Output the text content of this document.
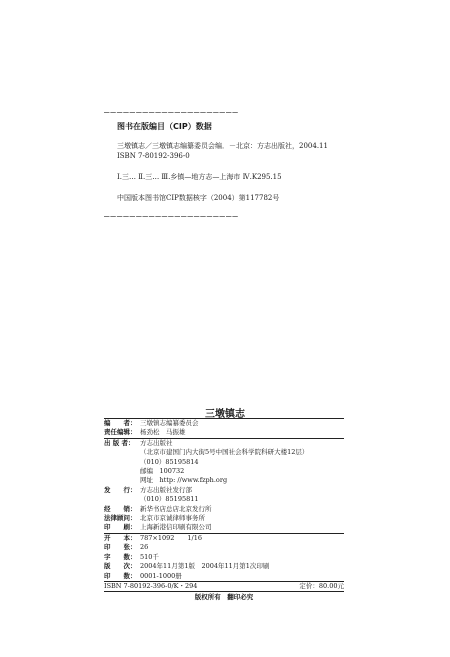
—————————————————————
图书在版编目（CIP）数据
三墩镇志／三墩镇志编纂委员会编．－北京：方志出版社，2004.11
ISBN 7-80192-396-0
Ⅰ.三… Ⅱ.三… Ⅲ.乡镇—地方志—上海市 Ⅳ.K295.15
中国版本图书馆CIP数据核字（2004）第117782号
—————————————————————
三墩镇志
编　　者： 三墩镇志编纂委员会
责任编辑： 杨劲松　马振雄
出 版 者： 方志出版社
（北京市建国门内大街5号中国社会科学院科研大楼12层）
（010）85195814
邮编　100732
网址　http: //www.fzph.org
发　　行： 方志出版社发行部
（010）85195811
经　　销： 新华书店总店北京发行所
法律顾问： 北京市京诚律师事务所
印　　刷： 上海新港信印刷有限公司
开　　本： 787×1092　　1/16
印　　张： 26
字　　数： 510千
版　　次： 2004年11月第1版　2004年11月第1次印刷
印　　数： 0001-1000册
ISBN 7-80192-396-0/K・294	定价：80.00元
版权所有　翻印必究
